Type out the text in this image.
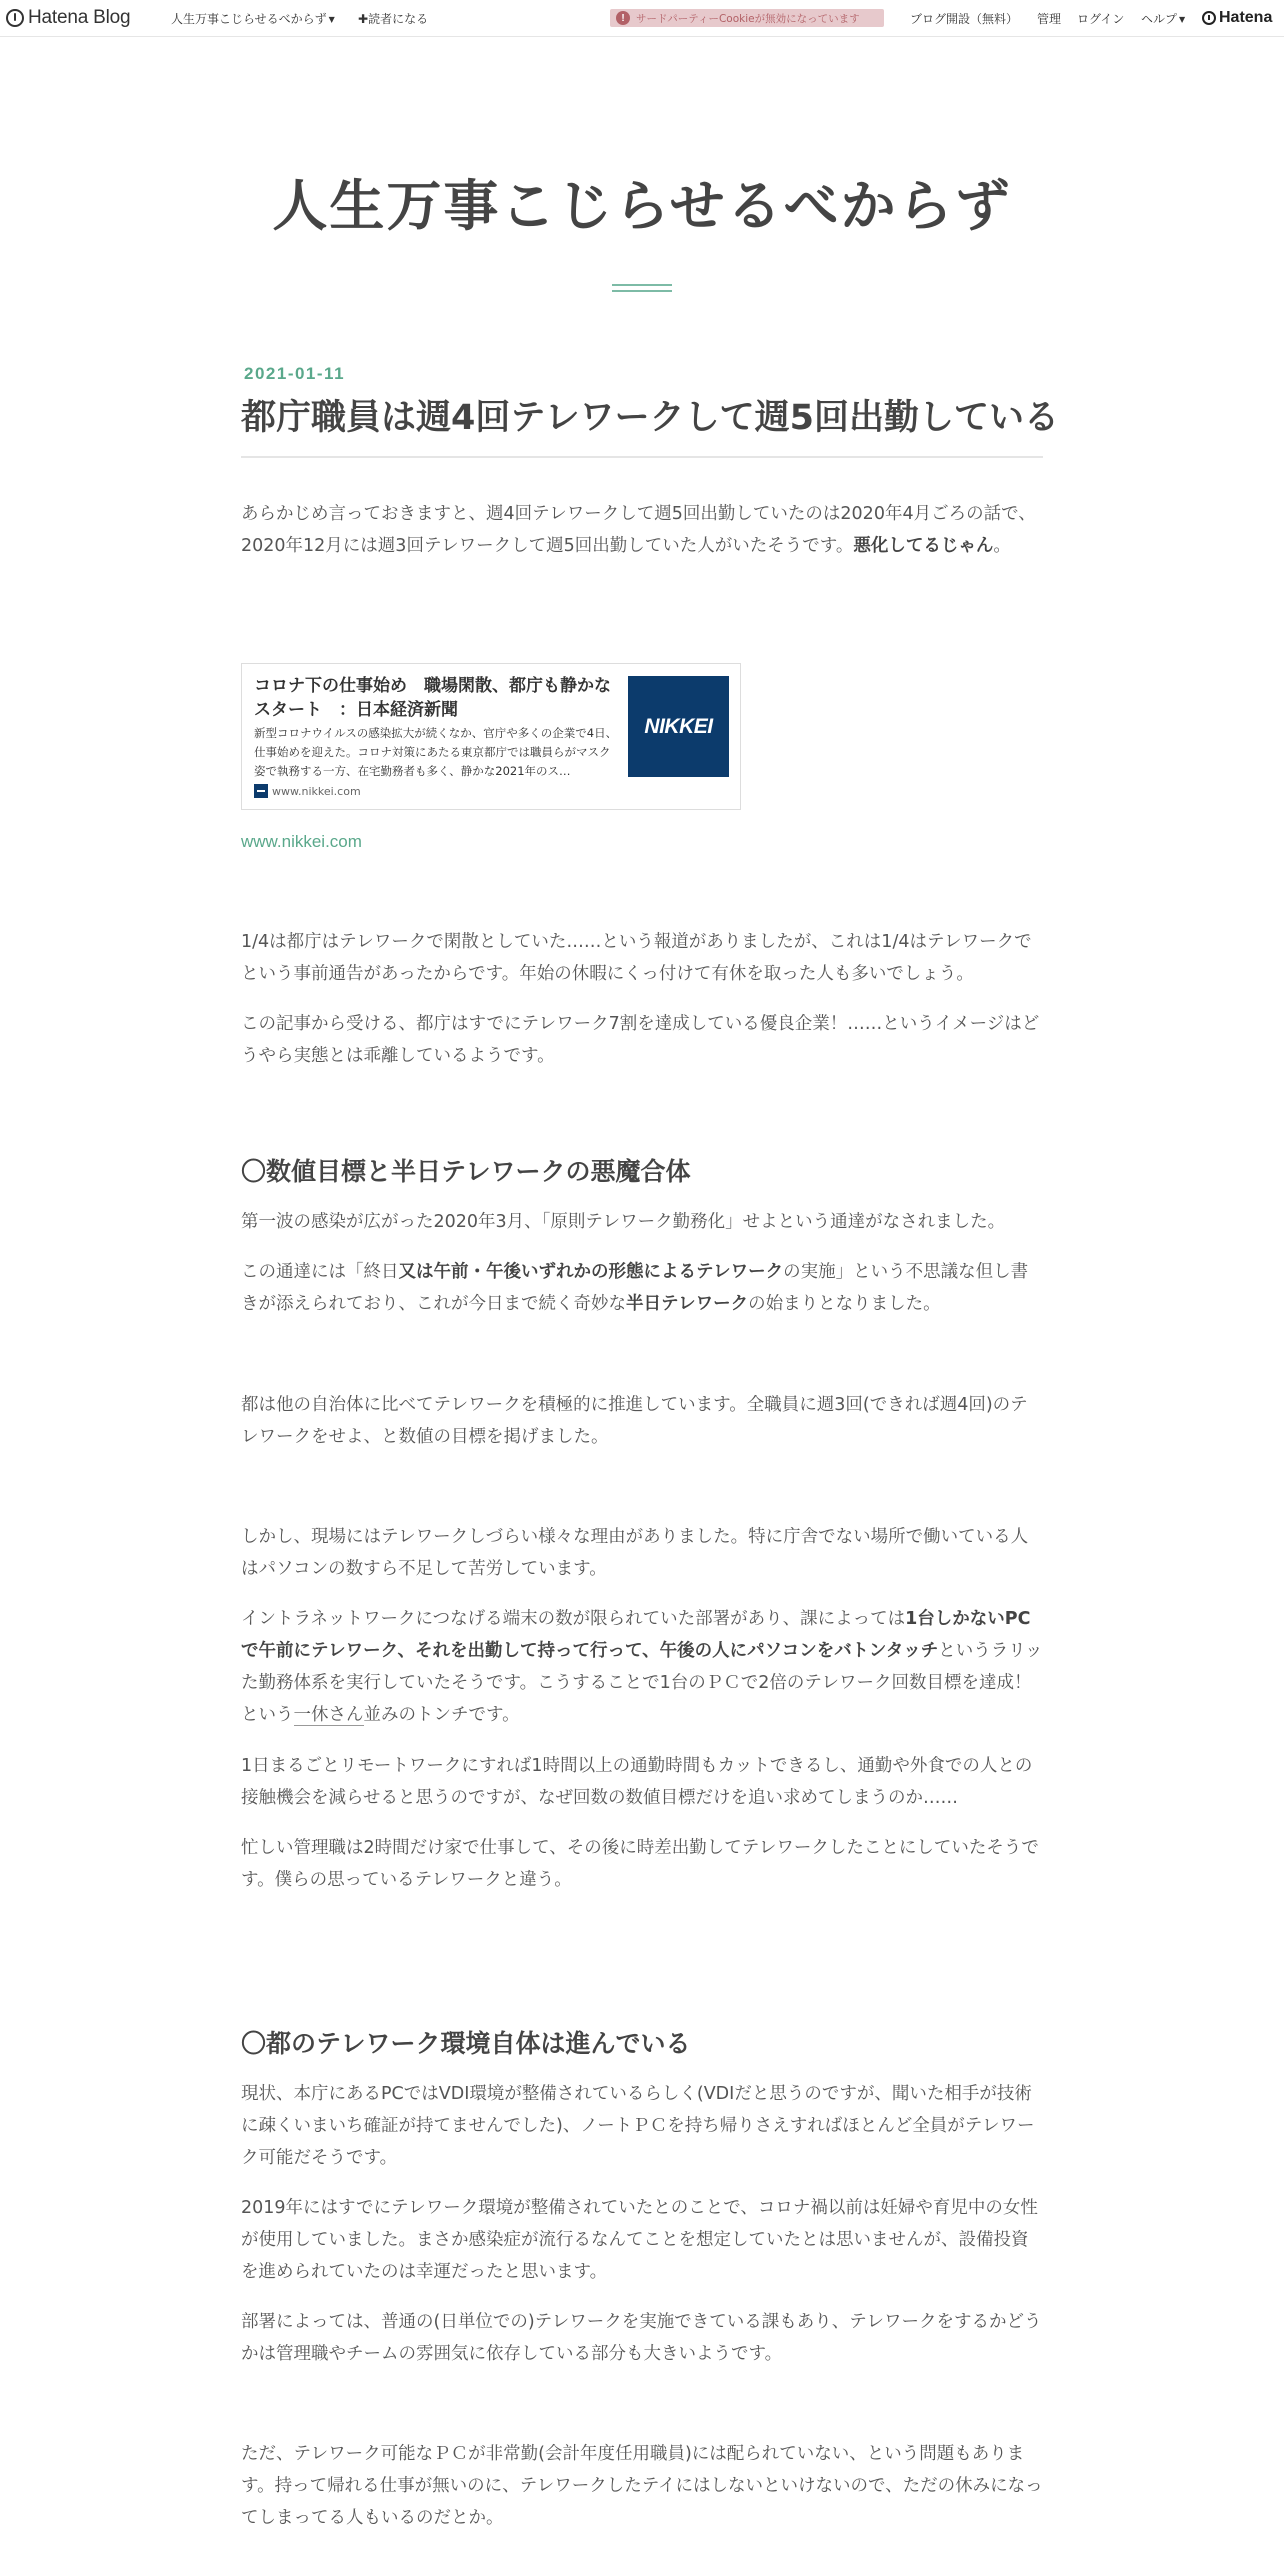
Hatena Blog	人生万事こじらせるべからず ▼ ✚読者になる	!	サードパーティーCookieが無効になっています	ブログ開設（無料） 管理 ログイン ヘルプ ▼ Hatena
人生万事こじらせるべからず
2021-01-11
都庁職員は週4回テレワークして週5回出勤している

あらかじめ言っておきますと、週4回テレワークして週5回出勤していたのは2020年4月ごろの話で、2020年12月には週3回テレワークして週5回出勤していた人がいたそうです。悪化してるじゃん。

コロナ下の仕事始め　職場閑散、都庁も静かな スタート　：日本経済新聞
新型コロナウイルスの感染拡大が続くなか、官庁や多くの企業で4日、仕事始めを迎えた。コロナ対策にあたる東京都庁では職員らがマスク姿で執務する一方、在宅勤務者も多く、静かな2021年のス…
www.nikkei.com
NIKKEI
www.nikkei.com

1/4は都庁はテレワークで閑散としていた……という報道がありましたが、これは1/4はテレワークでという事前通告があったからです。年始の休暇にくっ付けて有休を取った人も多いでしょう。

この記事から受ける、都庁はすでにテレワーク7割を達成している優良企業！……というイメージはどうやら実態とは乖離しているようです。

〇数値目標と半日テレワークの悪魔合体

第一波の感染が広がった2020年3月、「原則テレワーク勤務化」せよという通達がなされました。

この通達には「終日又は午前・午後いずれかの形態によるテレワークの実施」という不思議な但し書きが添えられており、これが今日まで続く奇妙な半日テレワークの始まりとなりました。

都は他の自治体に比べてテレワークを積極的に推進しています。全職員に週3回(できれば週4回)のテレワークをせよ、と数値の目標を掲げました。

しかし、現場にはテレワークしづらい様々な理由がありました。特に庁舎でない場所で働いている人はパソコンの数すら不足して苦労しています。

イントラネットワークにつなげる端末の数が限られていた部署があり、課によっては1台しかないPCで午前にテレワーク、それを出勤して持って行って、午後の人にパソコンをバトンタッチというラリッた勤務体系を実行していたそうです。こうすることで1台のＰＣで2倍のテレワーク回数目標を達成！という一休さん並みのトンチです。

1日まるごとリモートワークにすれば1時間以上の通勤時間もカットできるし、通勤や外食での人との接触機会を減らせると思うのですが、なぜ回数の数値目標だけを追い求めてしまうのか……

忙しい管理職は2時間だけ家で仕事して、その後に時差出勤してテレワークしたことにしていたそうです。僕らの思っているテレワークと違う。

〇都のテレワーク環境自体は進んでいる

現状、本庁にあるPCではVDI環境が整備されているらしく(VDIだと思うのですが、聞いた相手が技術に疎くいまいち確証が持てませんでした)、ノートＰＣを持ち帰りさえすればほとんど全員がテレワーク可能だそうです。

2019年にはすでにテレワーク環境が整備されていたとのことで、コロナ禍以前は妊婦や育児中の女性が使用していました。まさか感染症が流行るなんてことを想定していたとは思いませんが、設備投資を進められていたのは幸運だったと思います。

部署によっては、普通の(日単位での)テレワークを実施できている課もあり、テレワークをするかどうかは管理職やチームの雰囲気に依存している部分も大きいようです。

ただ、テレワーク可能なＰＣが非常勤(会計年度任用職員)には配られていない、という問題もあります。持って帰れる仕事が無いのに、テレワークしたテイにはしないといけないので、ただの休みになってしまってる人もいるのだとか。
